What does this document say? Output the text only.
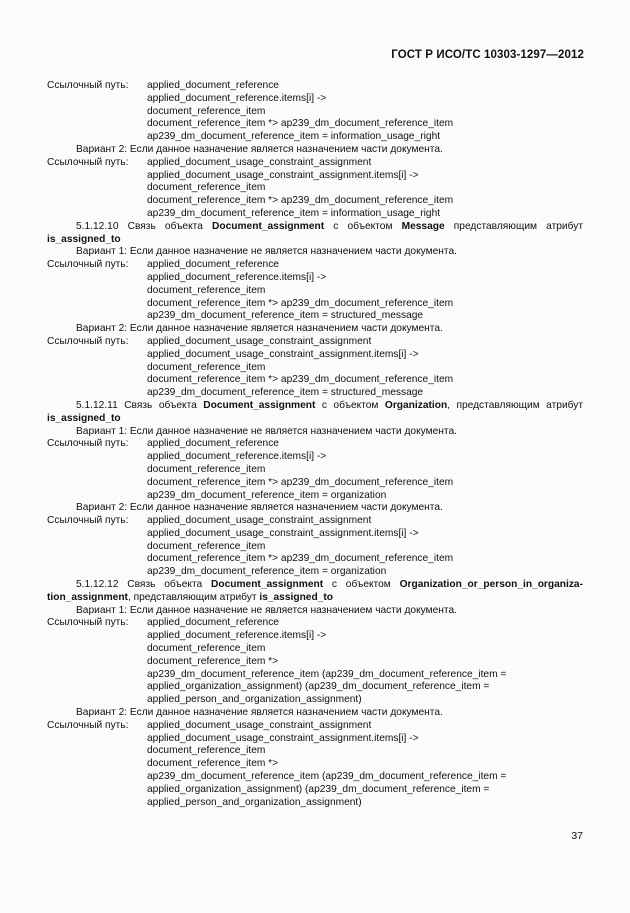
ГОСТ Р ИСО/ТС 10303-1297—2012
Ссылочный путь: applied_document_reference
applied_document_reference.items[i] ->
document_reference_item
document_reference_item *> ap239_dm_document_reference_item
ap239_dm_document_reference_item = information_usage_right
Вариант 2: Если данное назначение является назначением части документа.
Ссылочный путь: applied_document_usage_constraint_assignment
applied_document_usage_constraint_assignment.items[i] ->
document_reference_item
document_reference_item *> ap239_dm_document_reference_item
ap239_dm_document_reference_item = information_usage_right
5.1.12.10 Связь объекта Document_assignment с объектом Message представляющим атрибут
is_assigned_to
Вариант 1: Если данное назначение не является назначением части документа.
Ссылочный путь: applied_document_reference
applied_document_reference.items[i] ->
document_reference_item
document_reference_item *> ap239_dm_document_reference_item
ap239_dm_document_reference_item = structured_message
Вариант 2: Если данное назначение является назначением части документа.
Ссылочный путь: applied_document_usage_constraint_assignment
applied_document_usage_constraint_assignment.items[i] ->
document_reference_item
document_reference_item *> ap239_dm_document_reference_item
ap239_dm_document_reference_item = structured_message
5.1.12.11 Связь объекта Document_assignment с объектом Organization, представляющим атрибут
is_assigned_to
Вариант 1: Если данное назначение не является назначением части документа.
Ссылочный путь: applied_document_reference
applied_document_reference.items[i] ->
document_reference_item
document_reference_item *> ap239_dm_document_reference_item
ap239_dm_document_reference_item = organization
Вариант 2: Если данное назначение является назначением части документа.
Ссылочный путь: applied_document_usage_constraint_assignment
applied_document_usage_constraint_assignment.items[i] ->
document_reference_item
document_reference_item *> ap239_dm_document_reference_item
ap239_dm_document_reference_item = organization
5.1.12.12 Связь объекта Document_assignment с объектом Organization_or_person_in_organiza-
tion_assignment, представляющим атрибут is_assigned_to
Вариант 1: Если данное назначение не является назначением части документа.
Ссылочный путь: applied_document_reference
applied_document_reference.items[i] ->
document_reference_item
document_reference_item *>
ap239_dm_document_reference_item (ap239_dm_document_reference_item =
applied_organization_assignment) (ap239_dm_document_reference_item =
applied_person_and_organization_assignment)
Вариант 2: Если данное назначение является назначением части документа.
Ссылочный путь: applied_document_usage_constraint_assignment
applied_document_usage_constraint_assignment.items[i] ->
document_reference_item
document_reference_item *>
ap239_dm_document_reference_item (ap239_dm_document_reference_item =
applied_organization_assignment) (ap239_dm_document_reference_item =
applied_person_and_organization_assignment)
37
